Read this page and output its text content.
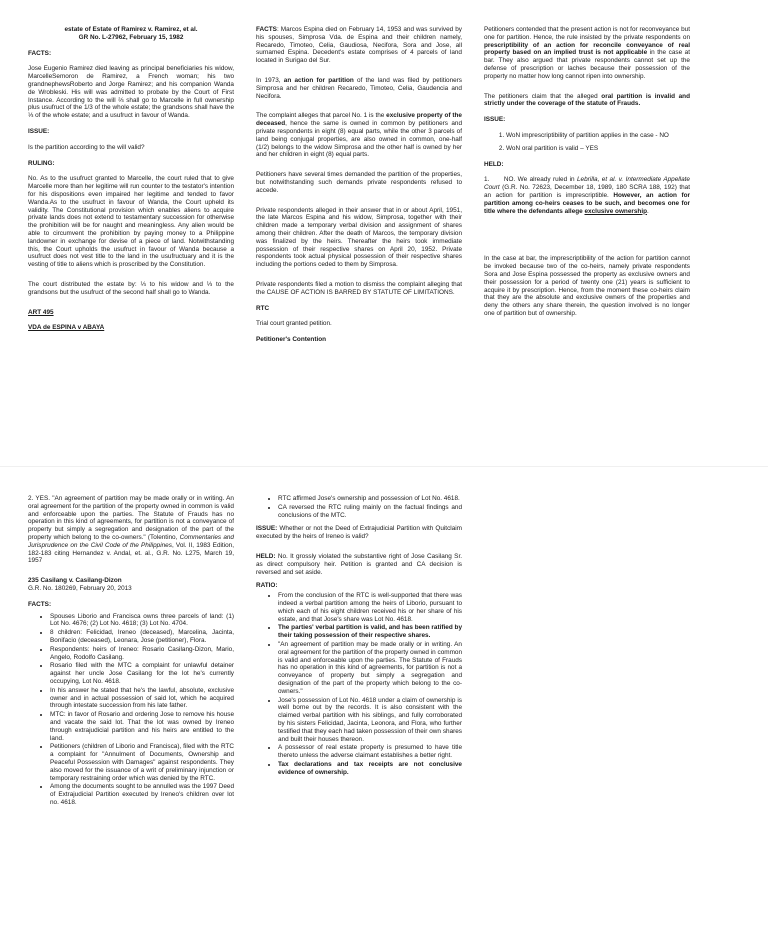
estate of Estate of Ramirez v. Ramirez, et al.
GR No. L-27962, February 15, 1982
FACTS:

Jose Eugenio Ramirez died leaving as principal beneficiaries his widow, MarcelleSemoron de Ramirez, a French woman; his two grandnephewsRoberto and Jorge Ramirez; and his companion Wanda de Wrobleski. His will was admitted to probate by the Court of First Instance. According to the will ⅔ shall go to Marcelle in full ownership plus usufruct of the 1/3 of the whole estate; the grandsons shall have the ⅓ of the whole estate; and a usufruct in favour of Wanda.

ISSUE:

Is the partition according to the will valid?

RULING:

No. As to the usufruct granted to Marcelle, the court ruled that to give Marcelle more than her legitime will run counter to the testator's intention for his dispositions even impaired her legitime and tended to favor Wanda.As to the usufruct in favour of Wanda, the Court upheld its validity. The Constitutional provision which enables aliens to acquire private lands does not extend to testamentary succession for otherwise the prohibition will be for naught and meaningless. Any alien would be able to circumvent the prohibition by paying money to a Philippine landowner in exchange for devise of a piece of land. Notwithstanding this, the Court upholds the usufruct in favour of Wanda because a usufruct does not vest title to the land in the usufructuary and it is the vesting of title to aliens which is proscribed by the Constitution.

The court distributed the estate by: ⅓ to his widow and ⅓ to the grandsons but the usufruct of the second half shall go to Wanda.

ART 495
VDA de ESPINA v ABAYA

FACTS: Marcos Espina died on February 14, 1953 and was survived by his spouses, Simprosa Vda. de Espina and their children namely, Recaredo, Timoteo, Celia, Gaudiosa, Necifora, Sora and Jose, all surnamed Espina. Decedent's estate comprises of 4 parcels of land located in Surigao del Sur.

In 1973, an action for partition of the land was filed by petitioners Simprosa and her children Recaredo, Timoteo, Celia, Gaudencia and Necifora.

The complaint alleges that parcel No. 1 is the exclusive property of the deceased, hence the same is owned in common by petitioners and private respondents in eight (8) equal parts, while the other 3 parcels of land being conjugal properties, are also owned in common, one-half (1/2) belongs to the widow Simprosa and the other half is owned by her and her children in eight (8) equal parts.

Petitioners have several times demanded the partition of the properties, but notwithstanding such demands private respondents refused to accede.

Private respondents alleged in their answer that in or about April, 1951, the late Marcos Espina and his widow, Simprosa, together with their children made a temporary verbal division and assignment of shares among their children. After the death of Marcos, the temporary division was finalized by the heirs. Thereafter the heirs took immediate possession of their respective shares on April 20, 1952. Private respondents took actual physical possession of their respective shares including the portions ceded to them by Simprosa.

Private respondents filed a motion to dismiss the complaint alleging that the CAUSE OF ACTION IS BARRED BY STATUTE OF LIMITATIONS.

RTC

Trial court granted petition.

Petitioner's Contention

Petitioners contended that the present action is not for reconveyance but one for partition. Hence, the rule insisted by the private respondents on prescriptibility of an action for reconcile conveyance of real property based on an implied trust is not applicable in the case at bar. They also argued that private respondents cannot set up the defense of prescription or laches because their possession of the property no matter how long cannot ripen into ownership.

The petitioners claim that the alleged oral partition is invalid and strictly under the coverage of the statute of Frauds.

ISSUE:
1. WoN imprescriptibility of partition applies in the case - NO
2. WoN oral partition is valid – YES
HELD:

1. NO. We already ruled in Lebrilla, et al. v. Intermediate Appellate Court (G.R. No. 72623, December 18, 1989, 180 SCRA 188, 192) that an action for partition is imprescriptible. However, an action for partition among co-heirs ceases to be such, and becomes one for title where the defendants allege exclusive ownership.

In the case at bar, the imprescriptibility of the action for partition cannot be invoked because two of the co-heirs, namely private respondents Sora and Jose Espina possessed the property as exclusive owners and their possession for a period of twenty one (21) years is sufficient to acquire it by prescription. Hence, from the moment these co-heirs claim that they are the absolute and exclusive owners of the properties and deny the others any share therein, the question involved is no longer one of partition but of ownership.

2. YES. "An agreement of partition may be made orally or in writing. An oral agreement for the partition of the property owned in common is valid and enforceable upon the parties. The Statute of Frauds has no operation in this kind of agreements, for partition is not a conveyance of property but simply a segregation and designation of the part of the property which belong to the co-owners." (Tolentino, Commentaries and Jurisprudence on the Civil Code of the Philippines, Vol. II, 1983 Edition, 182-183 citing Hernandez v. Andal, et. al., G.R. No. L275, March 19, 1957

235 Casilang v. Casilang-Dizon
G.R. No. 180269, February 20, 2013
FACTS:
• Spouses Liborio and Francisca owns three parcels of land: (1) Lot No. 4676; (2) Lot No. 4618; (3) Lot No. 4704.
• 8 children: Felicidad, Ireneo (deceased), Marcelina, Jacinta, Bonifacio (deceased), Leonara, Jose (petitioner), Flora.
• Respondents: heirs of Ireneo: Rosario Casilang-Dizon, Mario, Angelo, Rodolfo Casilang.
• Rosario filed with the MTC a complaint for unlawful detainer against her uncle Jose Casilang for the lot he's currently occupying, Lot No. 4618.
• In his answer he stated that he's the lawful, absolute, exclusive owner and in actual possession of said lot, which he acquired through intestate succession from his late father.
• MTC: in favor of Rosario and ordering Jose to remove his house and vacate the said lot. That the lot was owned by Ireneo through extrajudicial partition and his heirs are entitled to the land.
• Petitioners (children of Liborio and Francisca), filed with the RTC a complaint for "Annulment of Documents, Ownership and Peaceful Possession with Damages" against respondents. They also moved for the issuance of a writ of preliminary injunction or temporary restraining order which was denied by the RTC.
• Among the documents sought to be annulled was the 1997 Deed of Extrajudicial Partition executed by Ireneo's children over lot no. 4618.
• RTC affirmed Jose's ownership and possession of Lot No. 4618.
• CA reversed the RTC ruling mainly on the factual findings and conclusions of the MTC.

ISSUE: Whether or not the Deed of Extrajudicial Partition with Quitclaim executed by the heirs of Ireneo is valid?

HELD: No. It grossly violated the substantive right of Jose Casilang Sr. as direct compulsory heir. Petition is granted and CA decision is reversed and set aside.

RATIO:
• From the conclusion of the RTC is well-supported that there was indeed a verbal partition among the heirs of Liborio, pursuant to which each of his eight children received his or her share of his estate, and that Jose's share was Lot No. 4618.
• The parties' verbal partition is valid, and has been ratified by their taking possession of their respective shares.
• "An agreement of partition may be made orally or in writing. An oral agreement for the partition of the property owned in common is valid and enforceable upon the parties. The Statute of Frauds has no operation in this kind of agreements, for partition is not a conveyance of property but simply a segregation and designation of the part of the property which belong to the co-owners."
• Jose's possession of Lot No. 4618 under a claim of ownership is well borne out by the records. It is also consistent with the claimed verbal partition with his siblings, and fully corroborated by his sisters Felicidad, Jacinta, Leonora, and Flora, who further testified that they each had taken possession of their own shares and built their houses thereon.
• A possessor of real estate property is presumed to have title thereto unless the adverse claimant establishes a better right.
• Tax declarations and tax receipts are not conclusive evidence of ownership.
